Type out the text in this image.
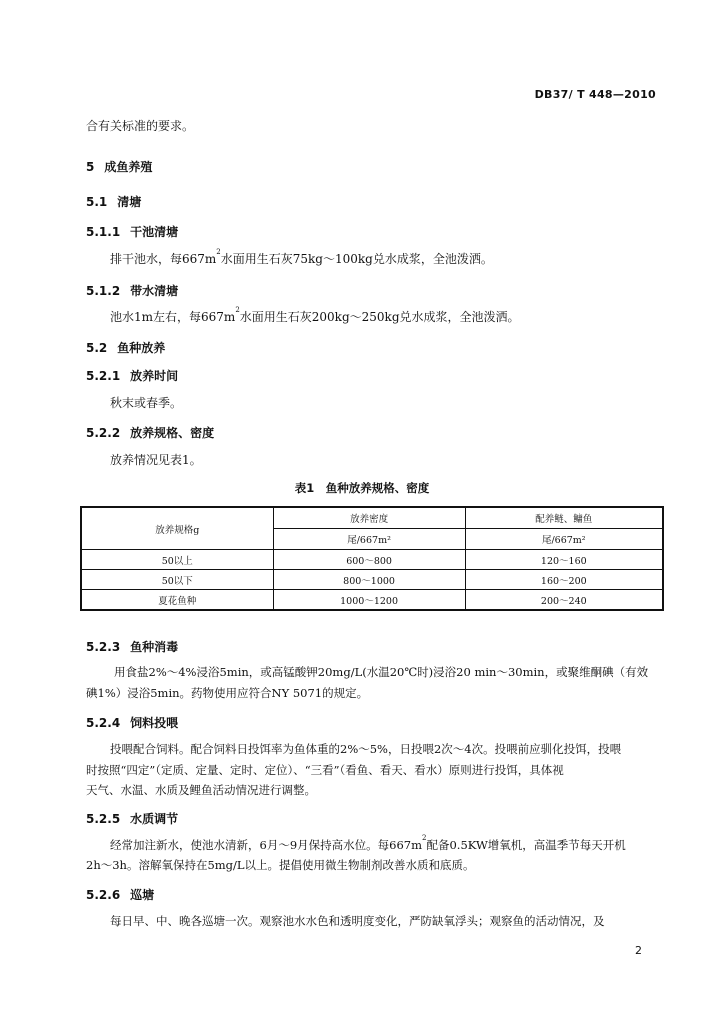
DB37/ T 448—2010
合有关标准的要求。
5 成鱼养殖
5.1 清塘
5.1.1 干池清塘
排干池水，每$667m^2$水面用生石灰75kg～100kg兑水成浆，全池泼洒。
5.1.2 带水清塘
池水1m左右，每$667m^2$水面用生石灰200kg～250kg兑水成浆，全池泼洒。
5.2 鱼种放养
5.2.1 放养时间
秋末或春季。
5.2.2 放养规格、密度
放养情况见表1。
表1　鱼种放养规格、密度
放养规格g	放养密度	配养鲢、鳙鱼
	尾/667m²	尾/667m²
50以上	600～800	120～160
50以下	800～1000	160～200
夏花鱼种	1000～1200	200～240
5.2.3 鱼种消毒
用食盐2%～4%浸浴5min，或高锰酸钾20mg/L(水温20℃时)浸浴20 min～30min，或聚维酮碘（有效
碘1%）浸浴5min。药物使用应符合NY 5071的规定。
5.2.4 饲料投喂
投喂配合饲料。配合饲料日投饵率为鱼体重的2%～5%，日投喂2次～4次。投喂前应驯化投饵，投喂
时按照“四定”（定质、定量、定时、定位）、“三看”（看鱼、看天、看水）原则进行投饵，具体视
天气、水温、水质及鲤鱼活动情况进行调整。
5.2.5 水质调节
经常加注新水，使池水清新，6月～9月保持高水位。每$667m^2$配备0.5KW增氧机，高温季节每天开机
2h～3h。溶解氧保持在5mg/L以上。提倡使用微生物制剂改善水质和底质。
5.2.6 巡塘
每日早、中、晚各巡塘一次。观察池水水色和透明度变化，严防缺氧浮头；观察鱼的活动情况，及
2
